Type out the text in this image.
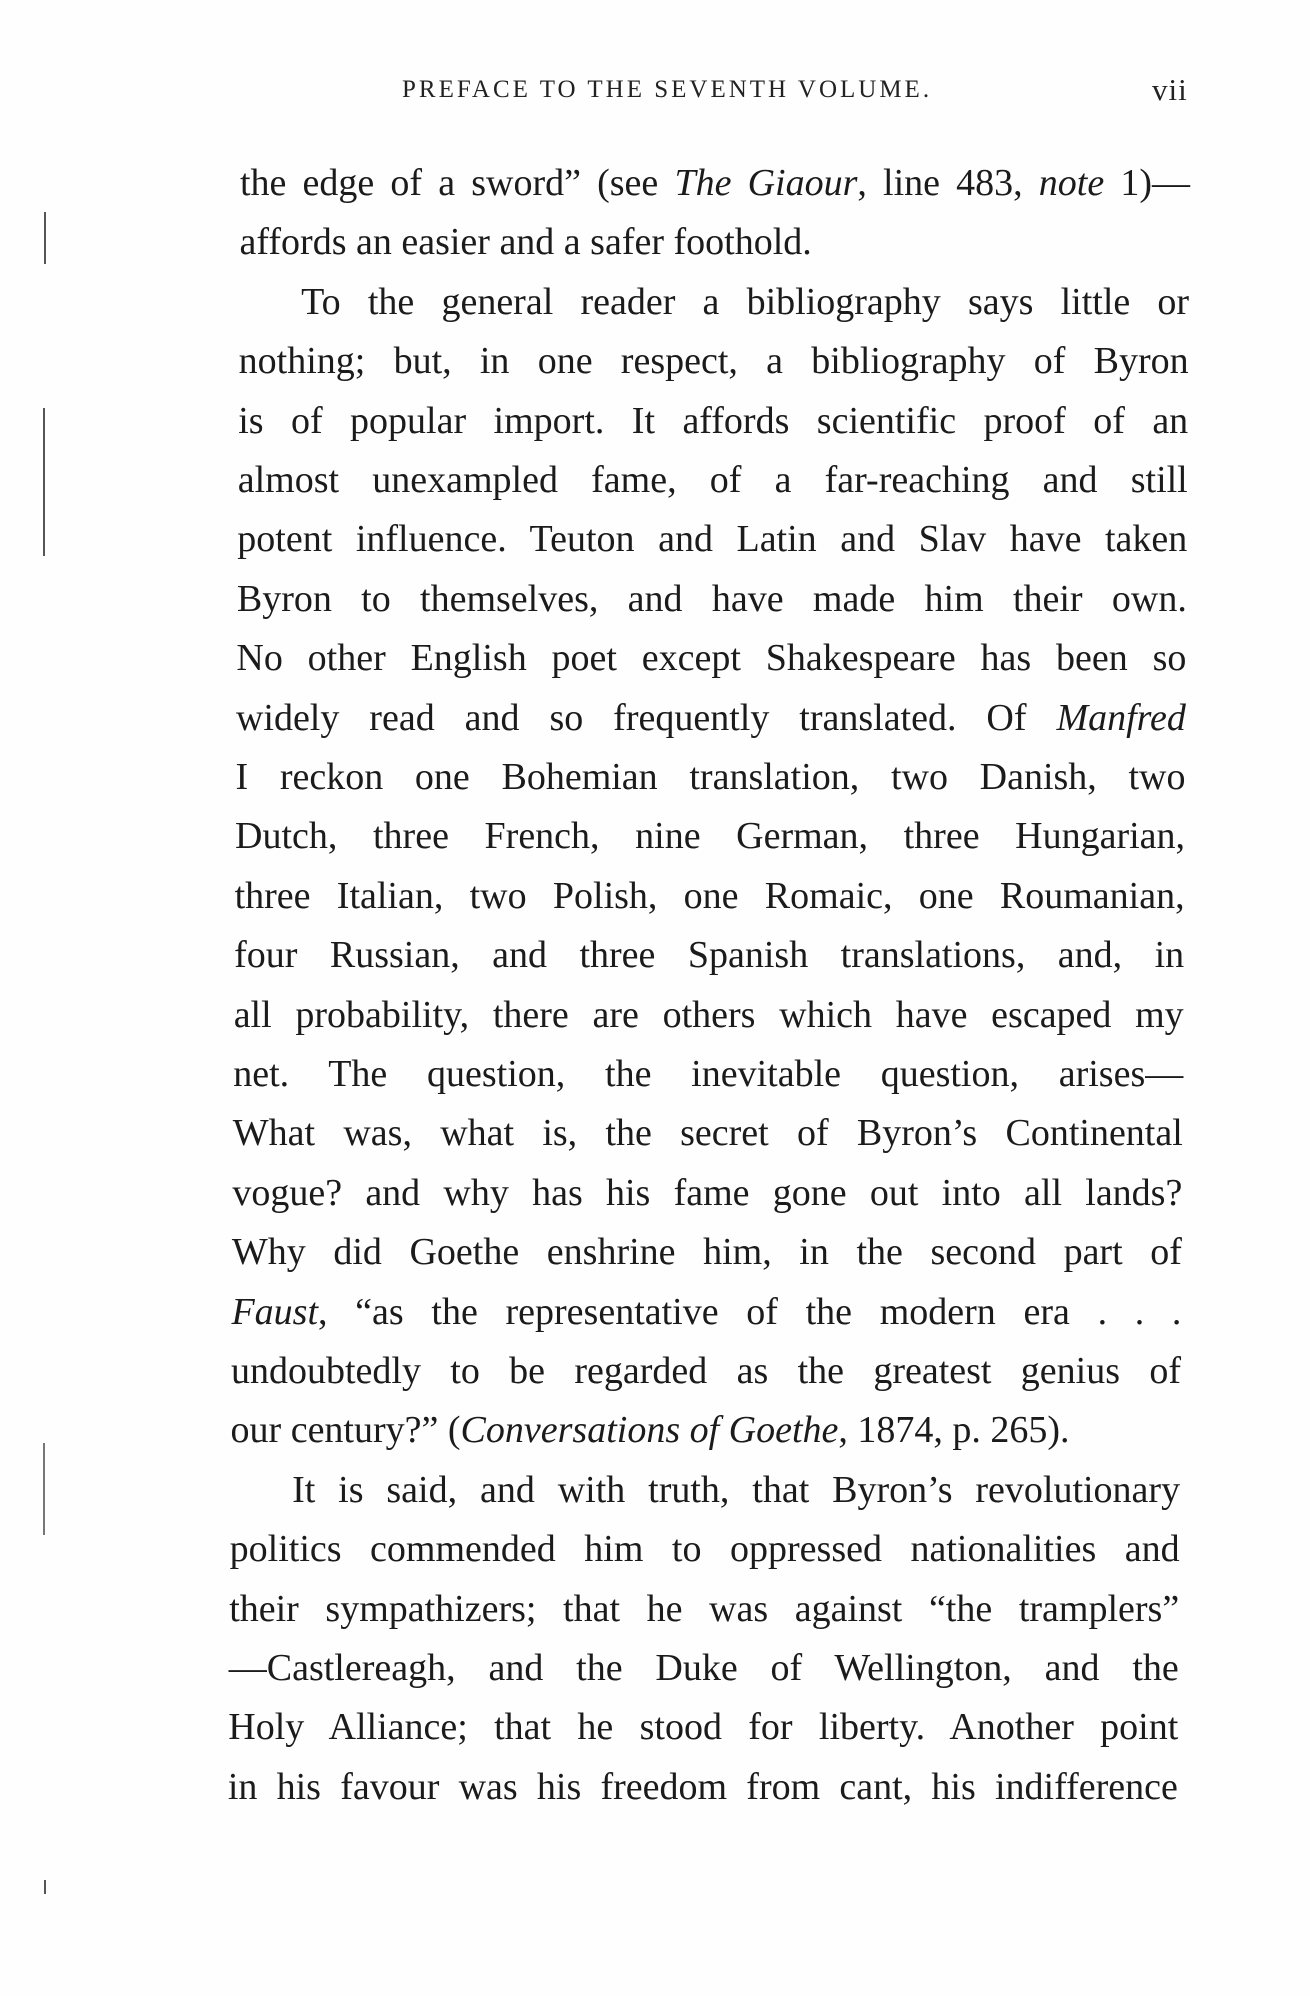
PREFACE TO THE SEVENTH VOLUME.	vii
the edge of a sword” (see The Giaour, line 483, note 1)—
affords an easier and a safer foothold.
To the general reader a bibliography says little or
nothing; but, in one respect, a bibliography of Byron
is of popular import. It affords scientific proof of an
almost unexampled fame, of a far-reaching and still
potent influence. Teuton and Latin and Slav have taken
Byron to themselves, and have made him their own.
No other English poet except Shakespeare has been so
widely read and so frequently translated. Of Manfred
I reckon one Bohemian translation, two Danish, two
Dutch, three French, nine German, three Hungarian,
three Italian, two Polish, one Romaic, one Roumanian,
four Russian, and three Spanish translations, and, in
all probability, there are others which have escaped my
net. The question, the inevitable question, arises—
What was, what is, the secret of Byron’s Continental
vogue? and why has his fame gone out into all lands?
Why did Goethe enshrine him, in the second part of
Faust, “as the representative of the modern era . . .
undoubtedly to be regarded as the greatest genius of
our century?” (Conversations of Goethe, 1874, p. 265).
It is said, and with truth, that Byron’s revolutionary
politics commended him to oppressed nationalities and
their sympathizers; that he was against “the tramplers”
—Castlereagh, and the Duke of Wellington, and the
Holy Alliance; that he stood for liberty. Another point
in his favour was his freedom from cant, his indifference
